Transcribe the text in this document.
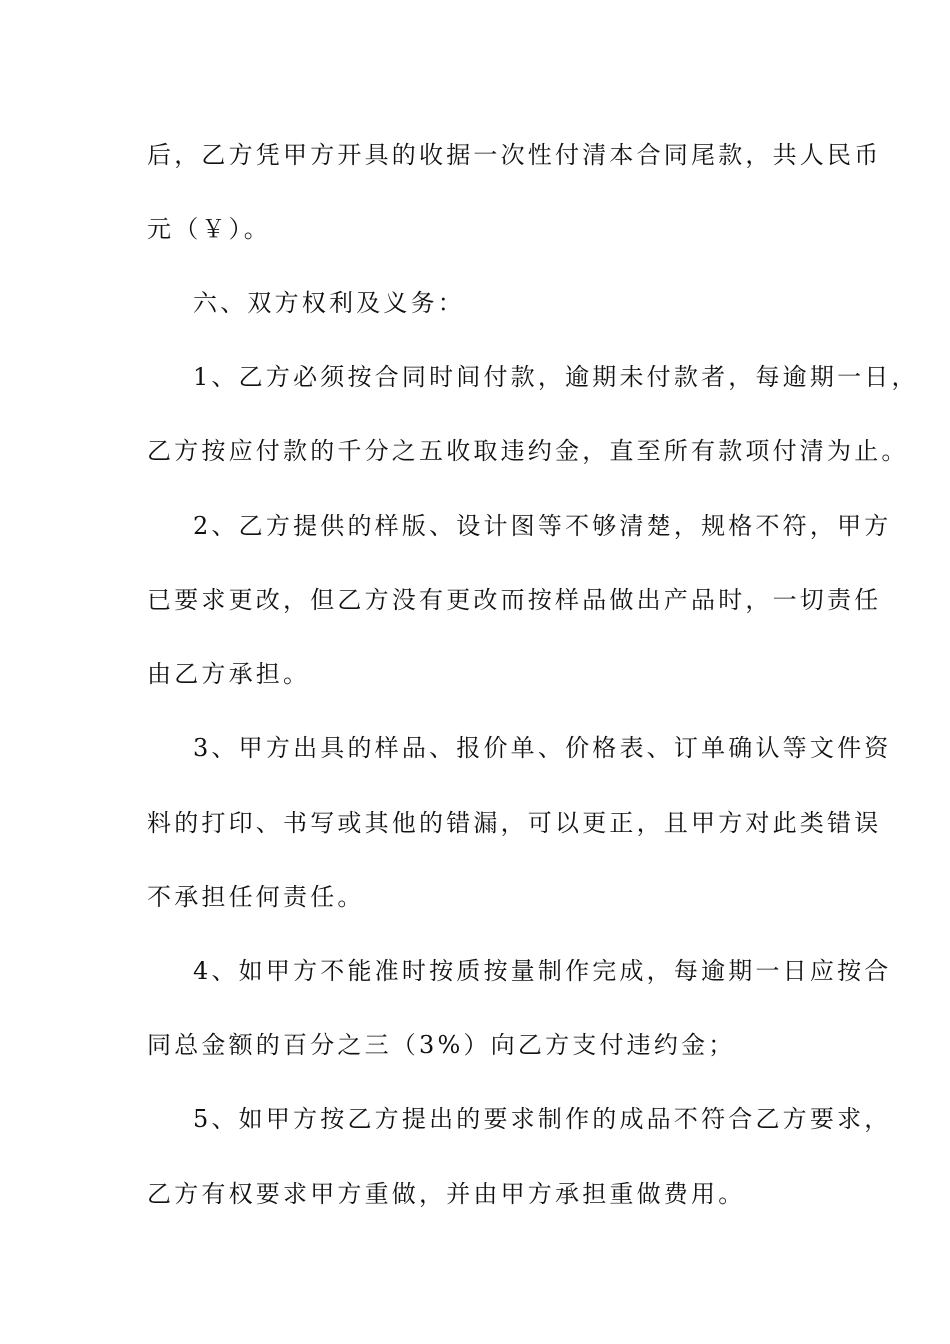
后，乙方凭甲方开具的收据一次性付清本合同尾款，共人民币
元（￥）。
六、双方权利及义务：
1、乙方必须按合同时间付款，逾期未付款者，每逾期一日，
乙方按应付款的千分之五收取违约金，直至所有款项付清为止。
2、乙方提供的样版、设计图等不够清楚，规格不符，甲方
已要求更改，但乙方没有更改而按样品做出产品时，一切责任
由乙方承担。
3、甲方出具的样品、报价单、价格表、订单确认等文件资
料的打印、书写或其他的错漏，可以更正，且甲方对此类错误
不承担任何责任。
4、如甲方不能准时按质按量制作完成，每逾期一日应按合
同总金额的百分之三（3%）向乙方支付违约金；
5、如甲方按乙方提出的要求制作的成品不符合乙方要求，
乙方有权要求甲方重做，并由甲方承担重做费用。
